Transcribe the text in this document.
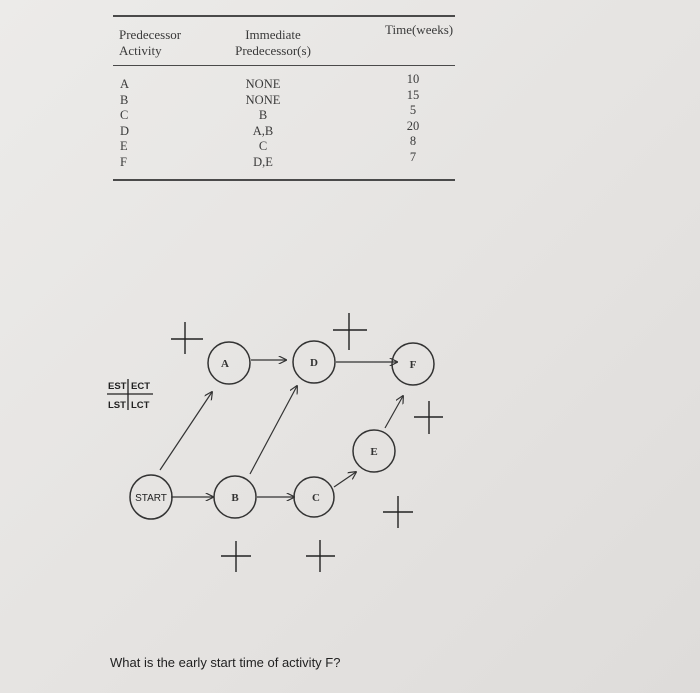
Predecessor
Activity
Immediate
Predecessor(s)
Time(weeks)
A
B
C
D
E
F
NONE
NONE
B
A,B
C
D,E
10
15
5
20
8
7
EST ECT
LST LCT
START
A
B	C
D
E
F
What is the early start time of activity F?
